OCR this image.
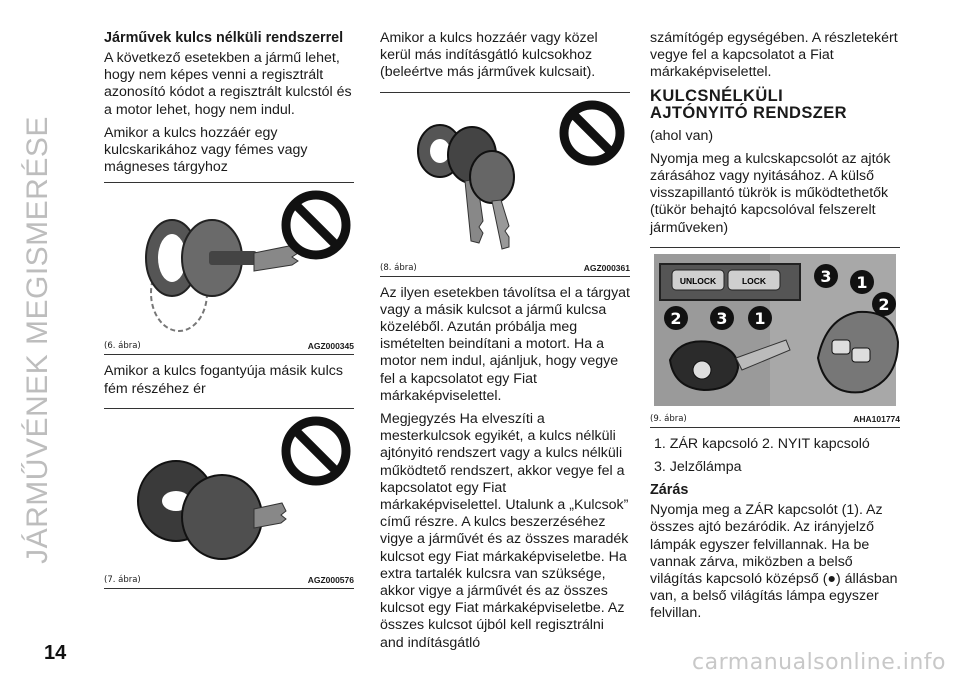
JÁRMŰVÉNEK MEGISMERÉSE
14	carmanualsonline.info
Járművek kulcs nélküli rendszerrel

A következő esetekben a jármű lehet, hogy nem képes venni a regisztrált azonosító kódot a regisztrált kulcstól és a motor lehet, hogy nem indul.

Amikor a kulcs hozzáér egy kulcskarikához vagy fémes vagy mágneses tárgyhoz

(6. ábra)	AGZ000345

Amikor a kulcs fogantyúja másik kulcs fém részéhez ér

(7. ábra)	AGZ000576

Amikor a kulcs hozzáér vagy közel kerül más indításgátló kulcsokhoz (beleértve más járművek kulcsait).

(8. ábra)	AGZ000361

Az ilyen esetekben távolítsa el a tárgyat vagy a másik kulcsot a jármű kulcsa közeléből. Azután próbálja meg ismételten beindítani a motort. Ha a motor nem indul, ajánljuk, hogy vegye fel a kapcsolatot egy Fiat márkaképviselettel.

Megjegyzés Ha elveszíti a mesterkulcsok egyikét, a kulcs nélküli ajtónyitó rendszert vagy a kulcs nélküli működtető rendszert, akkor vegye fel a kapcsolatot egy Fiat márkaképviselettel. Utalunk a „Kulcsok” című részre. A kulcs beszerzéséhez vigye a járművét és az összes maradék kulcsot egy Fiat márkaképviseletbe. Ha extra tartalék kulcsra van szüksége, akkor vigye a járművét és az összes kulcsot egy Fiat márkaképviseletbe. Az összes kulcsot újból kell regisztrálni and indításgátló

számítógép egységében. A részletekért vegye fel a kapcsolatot a Fiat márkaképviselettel.

KULCSNÉLKÜLI
AJTÓNYITÓ RENDSZER

(ahol van)

Nyomja meg a kulcskapcsolót az ajtók zárásához vagy nyitásához. A külső visszapillantó tükrök is működtethetők (tükör behajtó kapcsolóval felszerelt járműveken)

UNLOCK	LOCK
2 3 1
3 1
2
(9. ábra)	AHA101774

1. ZÁR kapcsoló 2. NYIT kapcsoló

3. Jelzőlámpa

Zárás

Nyomja meg a ZÁR kapcsolót (1). Az összes ajtó bezáródik. Az irányjelző lámpák egyszer felvillannak. Ha be vannak zárva, miközben a belső világítás kapcsoló középső (●) állásban van, a belső világítás lámpa egyszer felvillan.
